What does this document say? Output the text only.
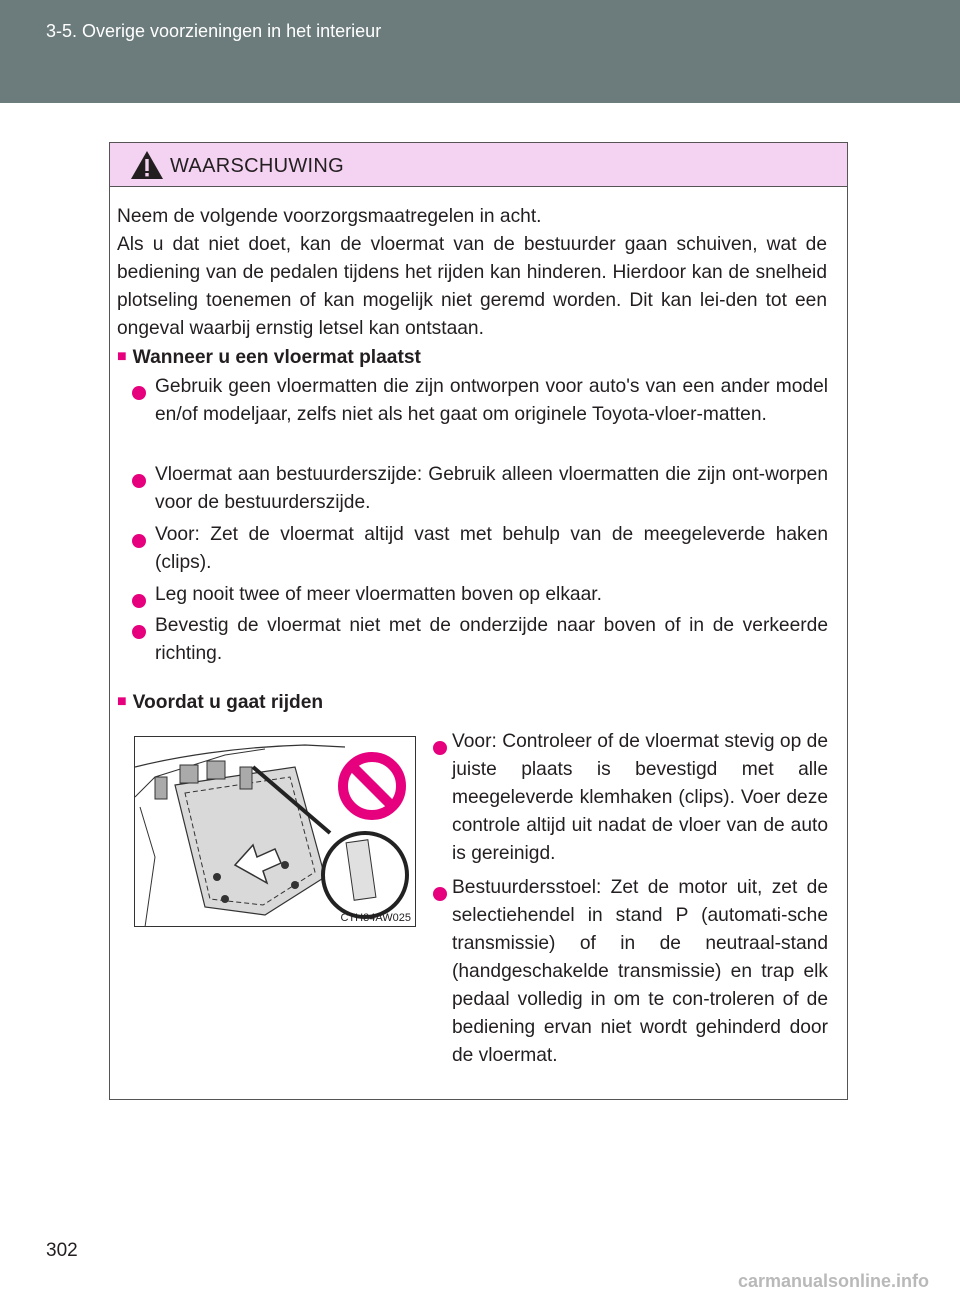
3-5. Overige voorzieningen in het interieur
WAARSCHUWING
Neem de volgende voorzorgsmaatregelen in acht.
Als u dat niet doet, kan de vloermat van de bestuurder gaan schuiven, wat de bediening van de pedalen tijdens het rijden kan hinderen. Hierdoor kan de snelheid plotseling toenemen of kan mogelijk niet geremd worden. Dit kan lei-den tot een ongeval waarbij ernstig letsel kan ontstaan.
■ Wanneer u een vloermat plaatst
Gebruik geen vloermatten die zijn ontworpen voor auto's van een ander model en/of modeljaar, zelfs niet als het gaat om originele Toyota-vloer-matten.
Vloermat aan bestuurderszijde: Gebruik alleen vloermatten die zijn ont-worpen voor de bestuurderszijde.
Voor: Zet de vloermat altijd vast met behulp van de meegeleverde haken (clips).
Leg nooit twee of meer vloermatten boven op elkaar.
Bevestig de vloermat niet met de onderzijde naar boven of in de verkeerde richting.
■ Voordat u gaat rijden
CTH34AW025
Voor: Controleer of de vloermat stevig op de juiste plaats is bevestigd met alle meegeleverde klemhaken (clips). Voer deze controle altijd uit nadat de vloer van de auto is gereinigd.
Bestuurdersstoel: Zet de motor uit, zet de selectiehendel in stand P (automati-sche transmissie) of in de neutraal-stand (handgeschakelde transmissie) en trap elk pedaal volledig in om te con-troleren of de bediening ervan niet wordt gehinderd door de vloermat.
302
carmanualsonline.info
